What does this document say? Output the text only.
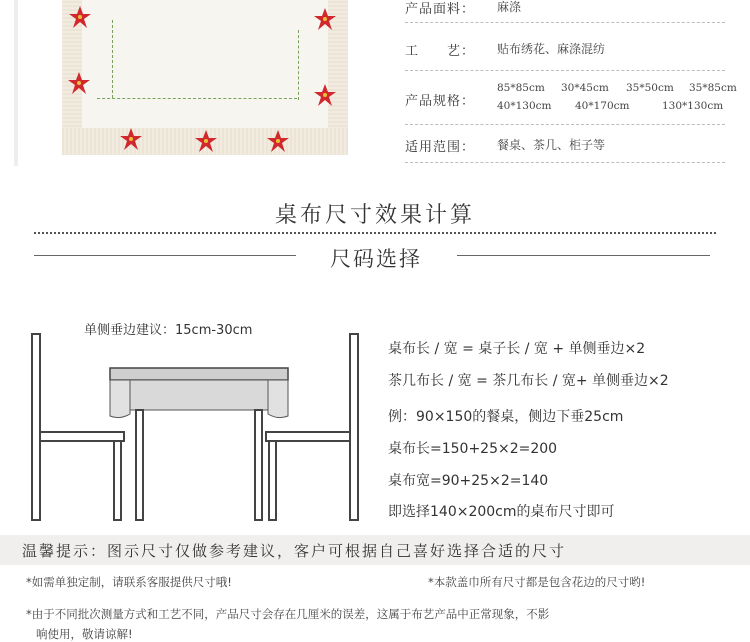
产品面料： 麻涤
工　　艺： 贴布绣花、麻涤混纺
产品规格：
85*85cm 30*45cm 35*50cm 35*85cm
40*130cm 40*170cm	130*130cm
适用范围： 餐桌、茶几、柜子等
桌布尺寸效果计算
尺码选择
单侧垂边建议：15cm-30cm
桌布长 / 宽 = 桌子长 / 宽 + 单侧垂边×2
茶几布长 / 宽 = 茶几布长 / 宽+ 单侧垂边×2
例：90×150的餐桌，侧边下垂25cm
桌布长=150+25×2=200
桌布宽=90+25×2=140
即选择140×200cm的桌布尺寸即可
温馨提示：图示尺寸仅做参考建议，客户可根据自己喜好选择合适的尺寸
*如需单独定制，请联系客服提供尺寸哦!	*本款盖巾所有尺寸都是包含花边的尺寸哟!
*由于不同批次测量方式和工艺不同，产品尺寸会存在几厘米的误差，这属于布艺产品中正常现象，不影
响使用，敬请谅解!
